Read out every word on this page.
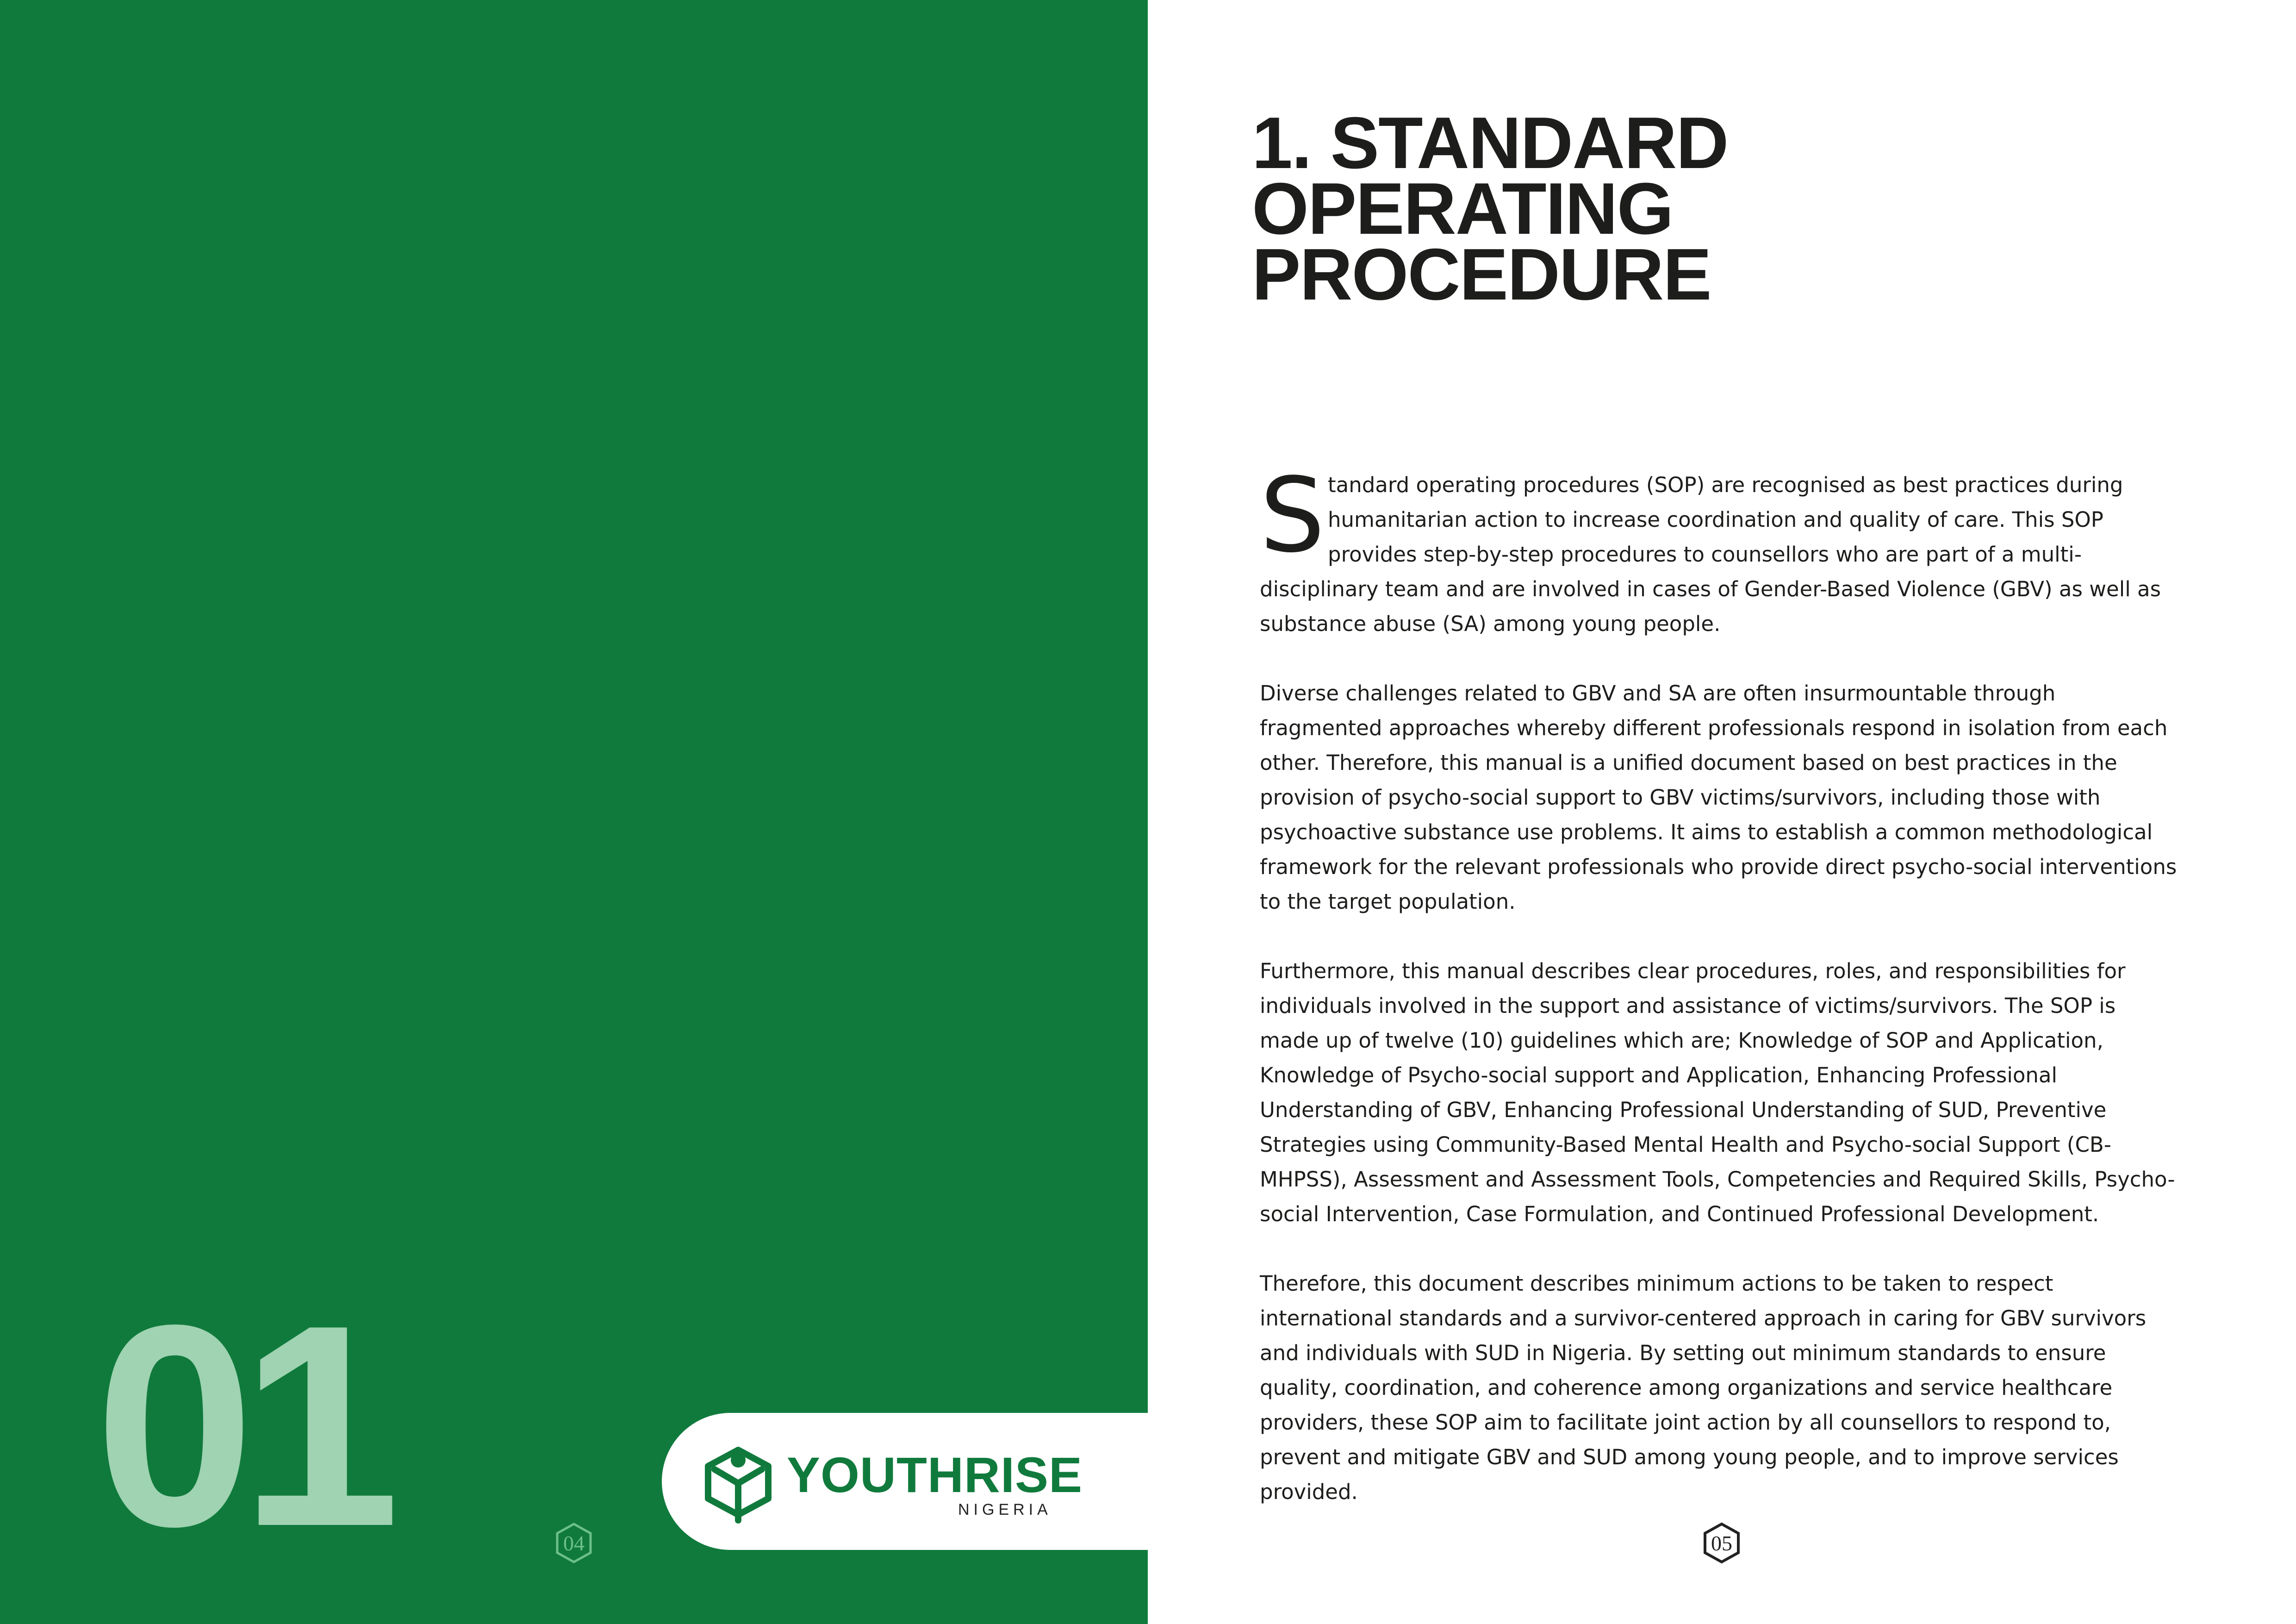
01	YOUTHRISE
NIGERIA
04
1. STANDARD
OPERATING
PROCEDURE
S tandard operating procedures (SOP) are recognised as best practices during
humanitarian action to increase coordination and quality of care. This SOP
provides step-by-step procedures to counsellors who are part of a multi-
disciplinary team and are involved in cases of Gender-Based Violence (GBV) as well as
substance abuse (SA) among young people.

Diverse challenges related to GBV and SA are often insurmountable through
fragmented approaches whereby different professionals respond in isolation from each
other. Therefore, this manual is a unified document based on best practices in the
provision of psycho-social support to GBV victims/survivors, including those with
psychoactive substance use problems. It aims to establish a common methodological
framework for the relevant professionals who provide direct psycho-social interventions
to the target population.

Furthermore, this manual describes clear procedures, roles, and responsibilities for
individuals involved in the support and assistance of victims/survivors. The SOP is
made up of twelve (10) guidelines which are; Knowledge of SOP and Application,
Knowledge of Psycho-social support and Application, Enhancing Professional
Understanding of GBV, Enhancing Professional Understanding of SUD, Preventive
Strategies using Community-Based Mental Health and Psycho-social Support (CB-
MHPSS), Assessment and Assessment Tools, Competencies and Required Skills, Psycho-
social Intervention, Case Formulation, and Continued Professional Development.

Therefore, this document describes minimum actions to be taken to respect
international standards and a survivor-centered approach in caring for GBV survivors
and individuals with SUD in Nigeria. By setting out minimum standards to ensure
quality, coordination, and coherence among organizations and service healthcare
providers, these SOP aim to facilitate joint action by all counsellors to respond to,
prevent and mitigate GBV and SUD among young people, and to improve services
provided.

05
